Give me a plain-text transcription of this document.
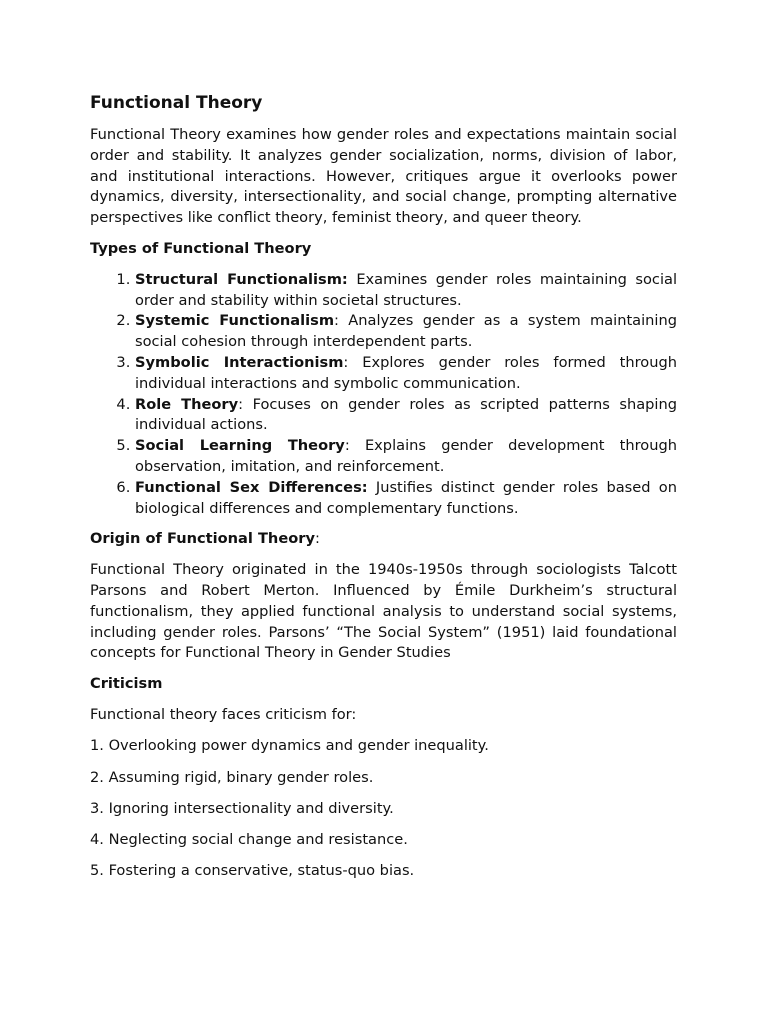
Functional Theory

Functional Theory examines how gender roles and expectations maintain social order and stability. It analyzes gender socialization, norms, division of labor, and institutional interactions. However, critiques argue it overlooks power dynamics, diversity, intersectionality, and social change, prompting alternative perspectives like conflict theory, feminist theory, and queer theory.

Types of Functional Theory
1. Structural Functionalism: Examines gender roles maintaining social order and stability within societal structures.
2. Systemic Functionalism: Analyzes gender as a system maintaining social cohesion through interdependent parts.
3. Symbolic Interactionism: Explores gender roles formed through individual interactions and symbolic communication.
4. Role Theory: Focuses on gender roles as scripted patterns shaping individual actions.
5. Social Learning Theory: Explains gender development through observation, imitation, and reinforcement.
6. Functional Sex Differences: Justifies distinct gender roles based on biological differences and complementary functions.
Origin of Functional Theory:

Functional Theory originated in the 1940s-1950s through sociologists Talcott Parsons and Robert Merton. Influenced by Émile Durkheim’s structural functionalism, they applied functional analysis to understand social systems, including gender roles. Parsons’ “The Social System” (1951) laid foundational concepts for Functional Theory in Gender Studies

Criticism

Functional theory faces criticism for:

1. Overlooking power dynamics and gender inequality.

2. Assuming rigid, binary gender roles.

3. Ignoring intersectionality and diversity.

4. Neglecting social change and resistance.

5. Fostering a conservative, status-quo bias.
